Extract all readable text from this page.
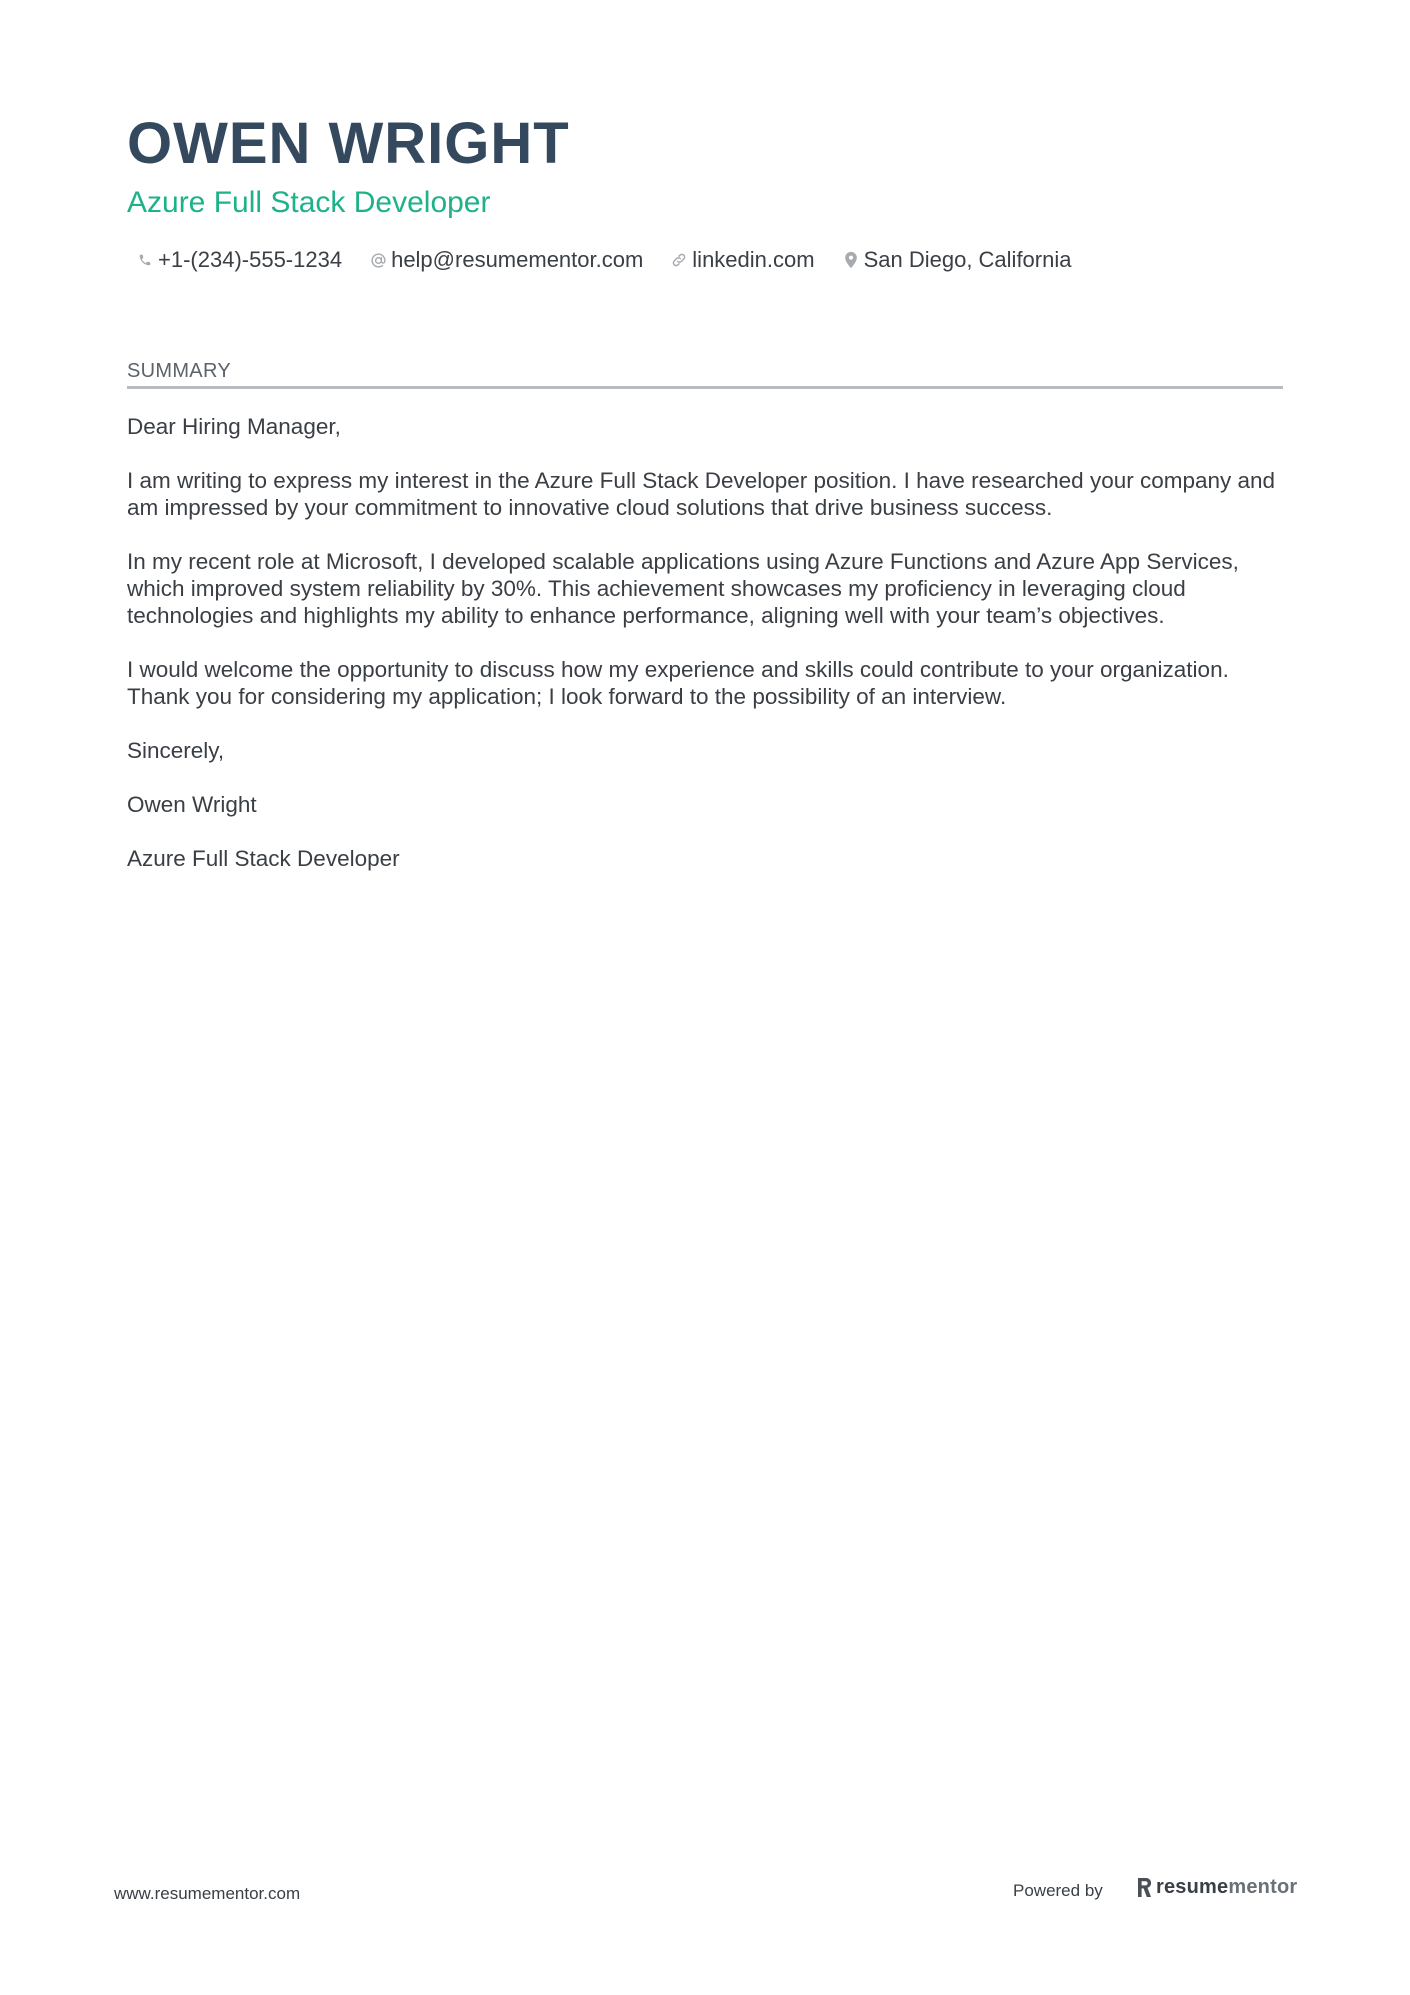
OWEN WRIGHT
Azure Full Stack Developer
+1-(234)-555-1234 help@resumementor.com linkedin.com San Diego, California
SUMMARY

Dear Hiring Manager,

I am writing to express my interest in the Azure Full Stack Developer position. I have researched your company and am impressed by your commitment to innovative cloud solutions that drive business success.

In my recent role at Microsoft, I developed scalable applications using Azure Functions and Azure App Services, which improved system reliability by 30%. This achievement showcases my proficiency in leveraging cloud technologies and highlights my ability to enhance performance, aligning well with your team’s objectives.

I would welcome the opportunity to discuss how my experience and skills could contribute to your organization. Thank you for considering my application; I look forward to the possibility of an interview.

Sincerely,

Owen Wright

Azure Full Stack Developer

www.resumementor.com	Powered by	resumementor
